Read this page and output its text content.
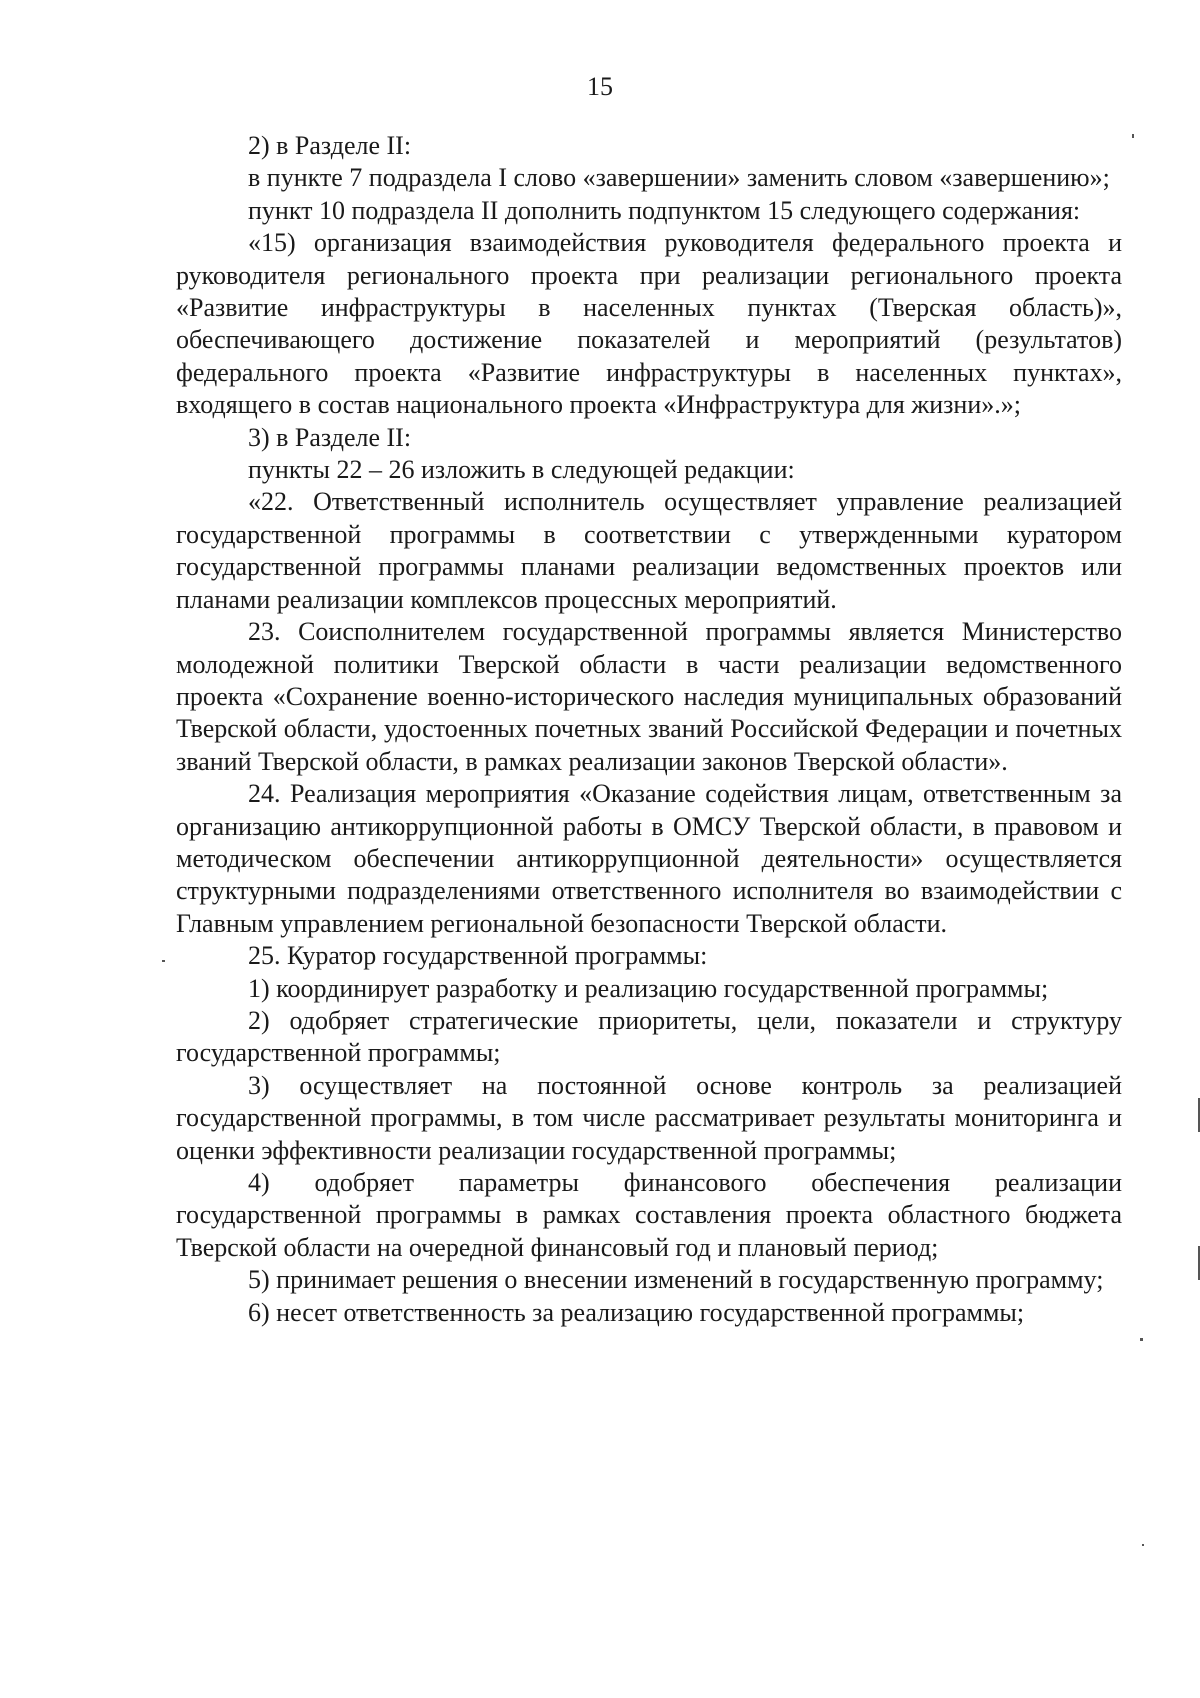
15

2) в Разделе II:

в пункте 7 подраздела I слово «завершении» заменить словом «завершению»;

пункт 10 подраздела II дополнить подпунктом 15 следующего содержания:

«15) организация взаимодействия руководителя федерального проекта и руководителя регионального проекта при реализации регионального проекта «Развитие инфраструктуры в населенных пунктах (Тверская область)», обеспечивающего достижение показателей и мероприятий (результатов) федерального проекта «Развитие инфраструктуры в населенных пунктах», входящего в состав национального проекта «Инфраструктура для жизни».»;

3) в Разделе II:

пункты 22 – 26 изложить в следующей редакции:

«22. Ответственный исполнитель осуществляет управление реализацией государственной программы в соответствии с утвержденными куратором государственной программы планами реализации ведомственных проектов или планами реализации комплексов процессных мероприятий.

23. Соисполнителем государственной программы является Министерство молодежной политики Тверской области в части реализации ведомственного проекта «Сохранение военно-исторического наследия муниципальных образований Тверской области, удостоенных почетных званий Российской Федерации и почетных званий Тверской области, в рамках реализации законов Тверской области».

24. Реализация мероприятия «Оказание содействия лицам, ответственным за организацию антикоррупционной работы в ОМСУ Тверской области, в правовом и методическом обеспечении антикоррупционной деятельности» осуществляется структурными подразделениями ответственного исполнителя во взаимодействии с Главным управлением региональной безопасности Тверской области.

25. Куратор государственной программы:

1) координирует разработку и реализацию государственной программы;

2) одобряет стратегические приоритеты, цели, показатели и структуру государственной программы;

3) осуществляет на постоянной основе контроль за реализацией государственной программы, в том числе рассматривает результаты мониторинга и оценки эффективности реализации государственной программы;

4) одобряет параметры финансового обеспечения реализации государственной программы в рамках составления проекта областного бюджета Тверской области на очередной финансовый год и плановый период;

5) принимает решения о внесении изменений в государственную программу;

6) несет ответственность за реализацию государственной программы;
